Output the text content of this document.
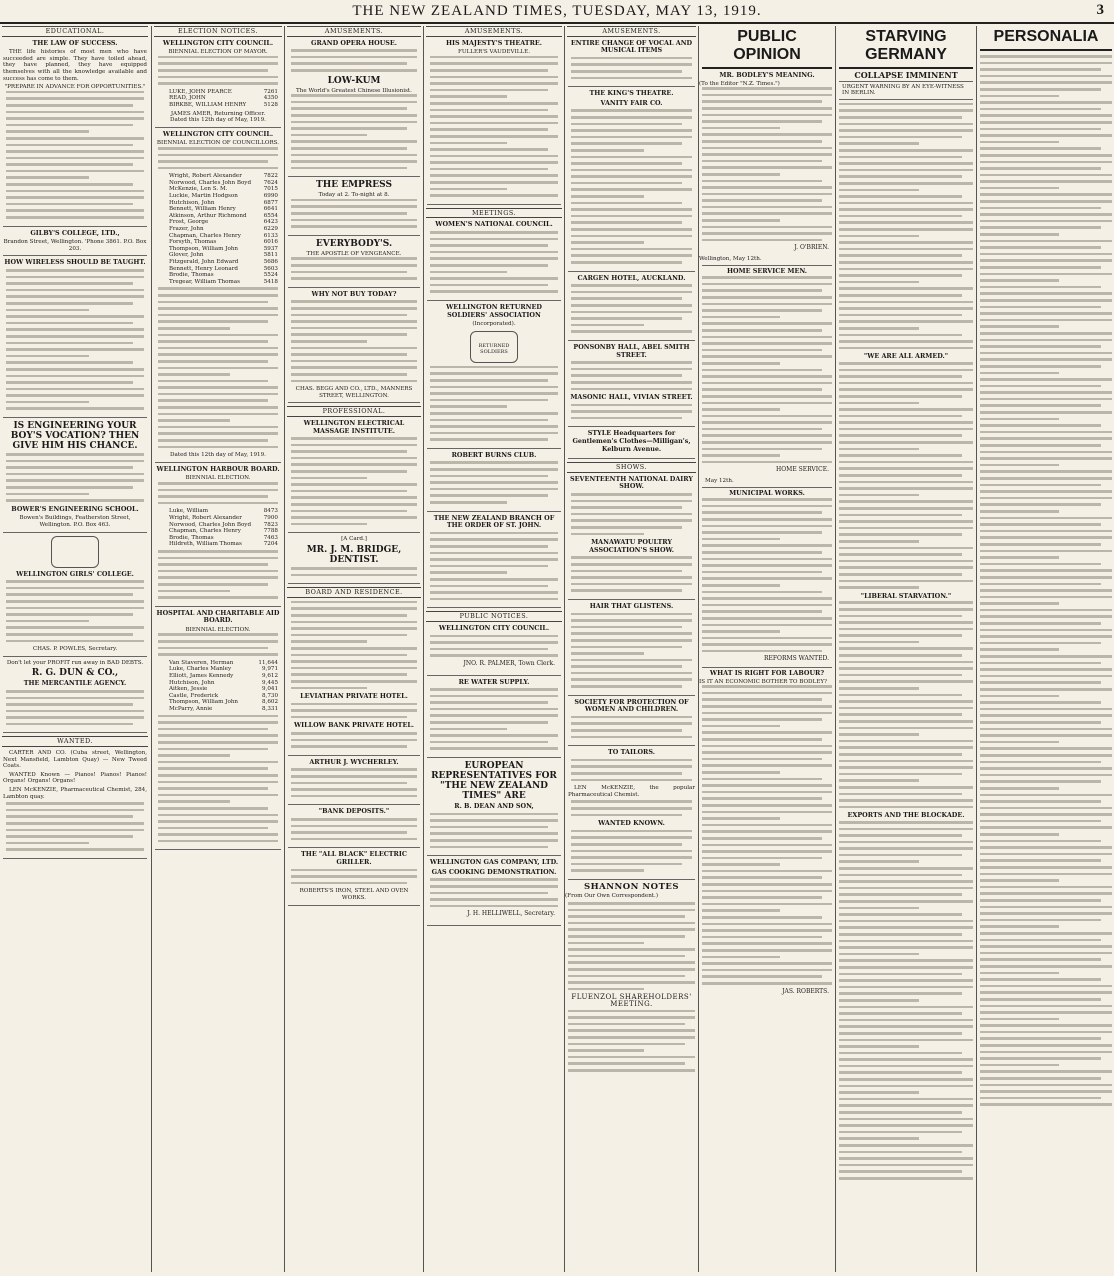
THE NEW ZEALAND TIMES, TUESDAY, MAY 13, 1919.	3
EDUCATIONAL.
THE LAW OF SUCCESS.

THE life histories of most men who have succeeded are simple. They have toiled ahead, they have planned, they have equipped themselves with all the knowledge available and success has come to them.

"PREPARE IN ADVANCE FOR OPPORTUNITIES."
GILBY'S COLLEGE, LTD.,
Brandon Street, Wellington. 'Phone 3861. P.O. Box 203.
HOW WIRELESS SHOULD BE TAUGHT.
IS ENGINEERING YOUR BOY'S VOCATION? THEN GIVE HIM HIS CHANCE.
BOWER'S ENGINEERING SCHOOL.
Bowen's Buildings, Featherston Street, Wellington. P.O. Box 463.
WELLINGTON GIRLS' COLLEGE.
CHAS. P. POWLES, Secretary.
Don't let your PROFIT run away in BAD DEBTS.
R. G. DUN & CO.,
THE MERCANTILE AGENCY.
WANTED.

CARTER AND CO. (Cuba street, Wellington, Next Mansfield, Lambton Quay) — New Tweed Coats.

WANTED Known — Pianos! Pianos! Pianos! Organs! Organs! Organs!

LEN McKENZIE, Pharmaceutical Chemist, 284, Lambton quay.

ELECTION NOTICES.
WELLINGTON CITY COUNCIL.
BIENNIAL ELECTION OF MAYOR.
LUKE, JOHN PEARCE	7261
READ, JOHN	4350
BIRKBE, WILLIAM HENRY	5128
JAMES AMER, Returning Officer.
Dated this 12th day of May, 1919.
WELLINGTON CITY COUNCIL.
BIENNIAL ELECTION OF COUNCILLORS.
Wright, Robert Alexander	7822
Norwood, Charles John Boyd 7624
McKenzie, Len S. M.	7015
Luckie, Martin Hodgson	6990
Hutchison, John	6877
Bennett, William Henry	6641
Atkinson, Arthur Richmond	6554
Frost, George	6423
Frazer, John	6229
Chapman, Charles Henry	6133
Forsyth, Thomas	6016
Thompson, William John	5937
Glover, John	5811
Fitzgerald, John Edward	5686
Bennett, Henry Leonard	5603
Brodie, Thomas	5524
Tregear, William Thomas	5418
Dated this 12th day of May, 1919.
WELLINGTON HARBOUR BOARD.
BIENNIAL ELECTION.
Luke, William	8473
Wright, Robert Alexander	7900
Norwood, Charles John Boyd 7823
Chapman, Charles Henry	7788
Brodie, Thomas	7463
Hildreth, William Thomas	7204
HOSPITAL AND CHARITABLE AID BOARD.
BIENNIAL ELECTION.
Van Staveren, Herman	11,644
Luke, Charles Manley	9,971
Elliott, James Kennedy	9,612
Hutchison, John	9,445
Aitken, Jessie	9,041
Castle, Frederick	8,730
Thompson, William John	8,602
McParry, Annie	8,331
AMUSEMENTS.
GRAND OPERA HOUSE.
LOW-KUM
The World's Greatest Chinese Illusionist.
THE EMPRESS
Today at 2. To-night at 8.
EVERYBODY'S.
THE APOSTLE OF VENGEANCE.
WHY NOT BUY TODAY?
CHAS. BEGG AND CO., LTD., MANNERS STREET, WELLINGTON.
PROFESSIONAL.
WELLINGTON ELECTRICAL MASSAGE INSTITUTE.
[A Card.]
MR. J. M. BRIDGE, DENTIST.
BOARD AND RESIDENCE.
LEVIATHAN PRIVATE HOTEL.
WILLOW BANK PRIVATE HOTEL.
ARTHUR J. WYCHERLEY.
"BANK DEPOSITS."
THE "ALL BLACK" ELECTRIC GRILLER.
ROBERTS'S IRON, STEEL AND OVEN WORKS.
AMUSEMENTS.
HIS MAJESTY'S THEATRE.
FULLER'S VAUDEVILLE.
MEETINGS.
WOMEN'S NATIONAL COUNCIL.
WELLINGTON RETURNED SOLDIERS' ASSOCIATION
(Incorporated).
RETURNED SOLDIERS
ROBERT BURNS CLUB.
THE NEW ZEALAND BRANCH OF THE ORDER OF ST. JOHN.
PUBLIC NOTICES.
WELLINGTON CITY COUNCIL.
JNO. R. PALMER, Town Clerk.
RE WATER SUPPLY.
EUROPEAN REPRESENTATIVES FOR "THE NEW ZEALAND TIMES" ARE
R. B. DEAN AND SON,
WELLINGTON GAS COMPANY, LTD.
GAS COOKING DEMONSTRATION.
J. H. HELLIWELL, Secretary.
AMUSEMENTS.
ENTIRE CHANGE OF VOCAL AND MUSICAL ITEMS
THE KING'S THEATRE.
VANITY FAIR CO.
CARGEN HOTEL, AUCKLAND.
PONSONBY HALL, ABEL SMITH STREET.
MASONIC HALL, VIVIAN STREET.
STYLE Headquarters for Gentlemen's Clothes—Milligan's, Kelburn Avenue.
SHOWS.
SEVENTEENTH NATIONAL DAIRY SHOW.
MANAWATU POULTRY ASSOCIATION'S SHOW.
HAIR THAT GLISTENS.
SOCIETY FOR PROTECTION OF WOMEN AND CHILDREN.
TO TAILORS.

LEN McKENZIE, the popular Pharmaceutical Chemist.

WANTED KNOWN.
SHANNON NOTES
(From Our Own Correspondent.)
FLUENZOL SHAREHOLDERS' MEETING.
PUBLIC OPINION
MR. BODLEY'S MEANING.
(To the Editor "N.Z. Times.")
J. O'BRIEN.
Wellington, May 12th.
HOME SERVICE MEN.
HOME SERVICE.
May 12th.
MUNICIPAL WORKS.
REFORMS WANTED.
WHAT IS RIGHT FOR LABOUR?
IS IT AN ECONOMIC BOTHER TO BODLEY?
JAS. ROBERTS.
STARVING GERMANY
COLLAPSE IMMINENT
URGENT WARNING BY AN EYE-WITNESS IN BERLIN.
"WE ARE ALL ARMED."
"LIBERAL STARVATION."
EXPORTS AND THE BLOCKADE.
PERSONALIA
